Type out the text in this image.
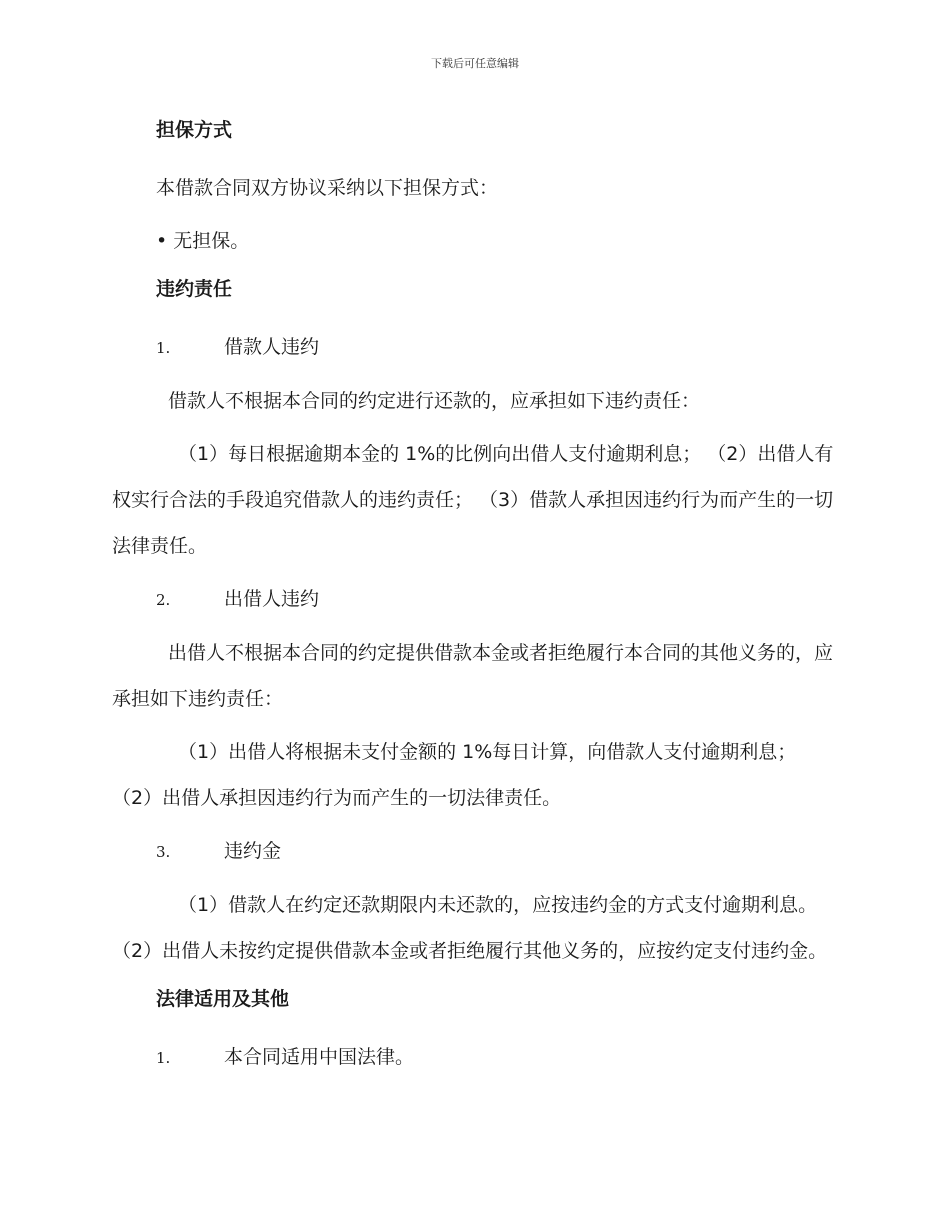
下载后可任意编辑

担保方式

本借款合同双方协议采纳以下担保方式：

• 无担保。

违约责任

1.	借款人违约

借款人不根据本合同的约定进行还款的，应承担如下违约责任：

（1）每日根据逾期本金的 1%的比例向出借人支付逾期利息； （2）出借人有权实行合法的手段追究借款人的违约责任； （3）借款人承担因违约行为而产生的一切法律责任。

2.	出借人违约

出借人不根据本合同的约定提供借款本金或者拒绝履行本合同的其他义务的，应承担如下违约责任：

（1）出借人将根据未支付金额的 1%每日计算，向借款人支付逾期利息； （2）出借人承担因违约行为而产生的一切法律责任。

3.	违约金

（1）借款人在约定还款期限内未还款的，应按违约金的方式支付逾期利息。 （2）出借人未按约定提供借款本金或者拒绝履行其他义务的，应按约定支付违约金。

法律适用及其他

1.	本合同适用中国法律。
